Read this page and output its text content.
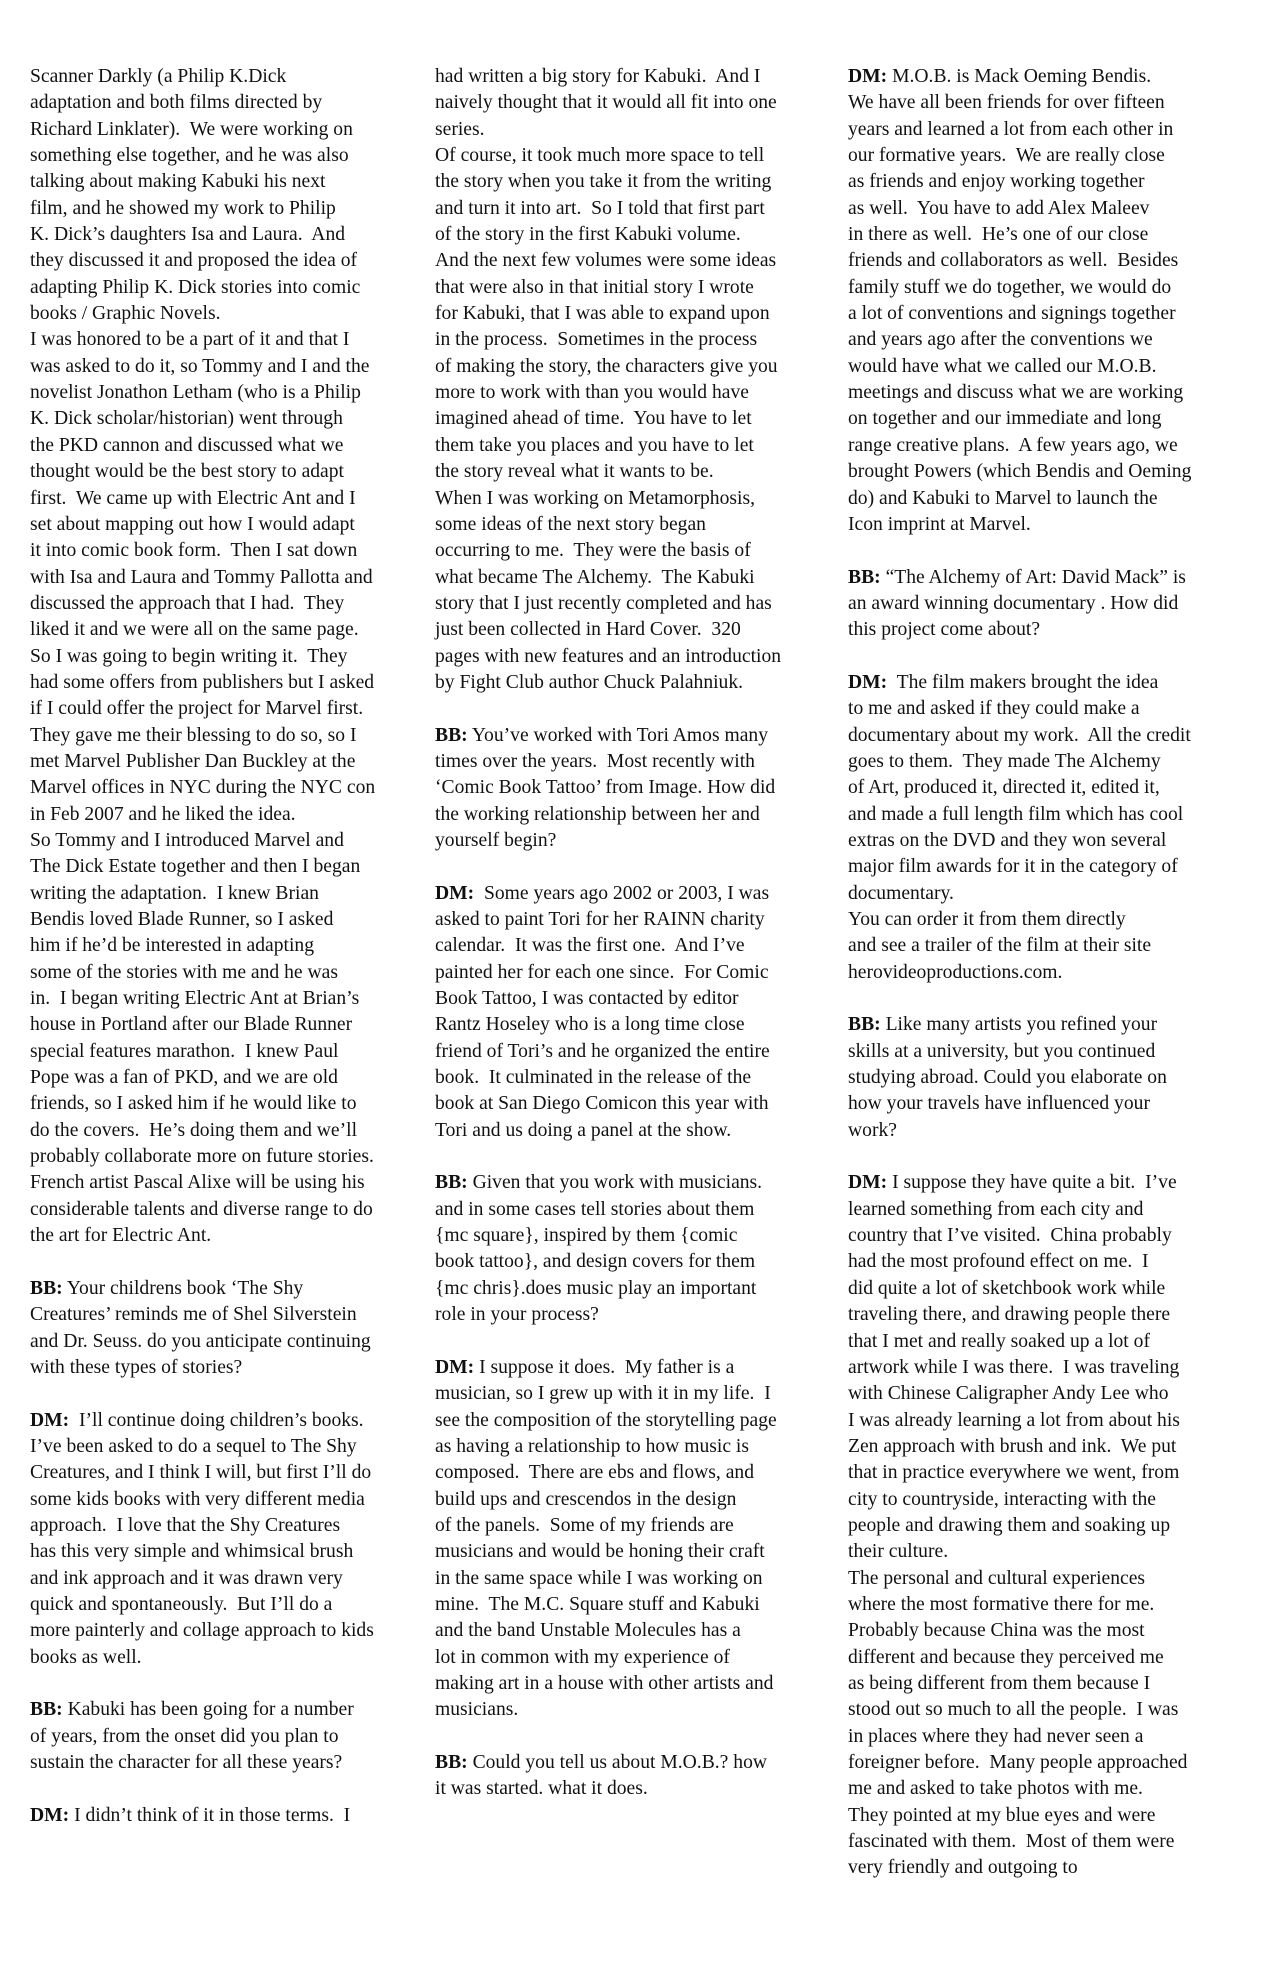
Scanner Darkly (a Philip K.Dick
adaptation and both films directed by
Richard Linklater).  We were working on
something else together, and he was also
talking about making Kabuki his next
film, and he showed my work to Philip
K. Dick’s daughters Isa and Laura.  And
they discussed it and proposed the idea of
adapting Philip K. Dick stories into comic
books / Graphic Novels.
I was honored to be a part of it and that I
was asked to do it, so Tommy and I and the
novelist Jonathon Letham (who is a Philip
K. Dick scholar/historian) went through
the PKD cannon and discussed what we
thought would be the best story to adapt
first.  We came up with Electric Ant and I
set about mapping out how I would adapt
it into comic book form.  Then I sat down
with Isa and Laura and Tommy Pallotta and
discussed the approach that I had.  They
liked it and we were all on the same page.
So I was going to begin writing it.  They
had some offers from publishers but I asked
if I could offer the project for Marvel first.
They gave me their blessing to do so, so I
met Marvel Publisher Dan Buckley at the
Marvel offices in NYC during the NYC con
in Feb 2007 and he liked the idea.
So Tommy and I introduced Marvel and
The Dick Estate together and then I began
writing the adaptation.  I knew Brian
Bendis loved Blade Runner, so I asked
him if he’d be interested in adapting
some of the stories with me and he was
in.  I began writing Electric Ant at Brian’s
house in Portland after our Blade Runner
special features marathon.  I knew Paul
Pope was a fan of PKD, and we are old
friends, so I asked him if he would like to
do the covers.  He’s doing them and we’ll
probably collaborate more on future stories.
French artist Pascal Alixe will be using his
considerable talents and diverse range to do
the art for Electric Ant.
BB: Your childrens book ‘The Shy
Creatures’ reminds me of Shel Silverstein
and Dr. Seuss. do you anticipate continuing
with these types of stories?
DM:  I’ll continue doing children’s books.
I’ve been asked to do a sequel to The Shy
Creatures, and I think I will, but first I’ll do
some kids books with very different media
approach.  I love that the Shy Creatures
has this very simple and whimsical brush
and ink approach and it was drawn very
quick and spontaneously.  But I’ll do a
more painterly and collage approach to kids
books as well.
BB: Kabuki has been going for a number
of years, from the onset did you plan to
sustain the character for all these years?
DM: I didn’t think of it in those terms.  I
had written a big story for Kabuki.  And I
naively thought that it would all fit into one
series.
Of course, it took much more space to tell
the story when you take it from the writing
and turn it into art.  So I told that first part
of the story in the first Kabuki volume.
And the next few volumes were some ideas
that were also in that initial story I wrote
for Kabuki, that I was able to expand upon
in the process.  Sometimes in the process
of making the story, the characters give you
more to work with than you would have
imagined ahead of time.  You have to let
them take you places and you have to let
the story reveal what it wants to be.
When I was working on Metamorphosis,
some ideas of the next story began
occurring to me.  They were the basis of
what became The Alchemy.  The Kabuki
story that I just recently completed and has
just been collected in Hard Cover.  320
pages with new features and an introduction
by Fight Club author Chuck Palahniuk.
BB: You’ve worked with Tori Amos many
times over the years.  Most recently with
‘Comic Book Tattoo’ from Image. How did
the working relationship between her and
yourself begin?
DM:  Some years ago 2002 or 2003, I was
asked to paint Tori for her RAINN charity
calendar.  It was the first one.  And I’ve
painted her for each one since.  For Comic
Book Tattoo, I was contacted by editor
Rantz Hoseley who is a long time close
friend of Tori’s and he organized the entire
book.  It culminated in the release of the
book at San Diego Comicon this year with
Tori and us doing a panel at the show.
BB: Given that you work with musicians.
and in some cases tell stories about them
{mc square}, inspired by them {comic
book tattoo}, and design covers for them
{mc chris}.does music play an important
role in your process?
DM: I suppose it does.  My father is a
musician, so I grew up with it in my life.  I
see the composition of the storytelling page
as having a relationship to how music is
composed.  There are ebs and flows, and
build ups and crescendos in the design
of the panels.  Some of my friends are
musicians and would be honing their craft
in the same space while I was working on
mine.  The M.C. Square stuff and Kabuki
and the band Unstable Molecules has a
lot in common with my experience of
making art in a house with other artists and
musicians.
BB: Could you tell us about M.O.B.? how
it was started. what it does.
DM: M.O.B. is Mack Oeming Bendis.
We have all been friends for over fifteen
years and learned a lot from each other in
our formative years.  We are really close
as friends and enjoy working together
as well.  You have to add Alex Maleev
in there as well.  He’s one of our close
friends and collaborators as well.  Besides
family stuff we do together, we would do
a lot of conventions and signings together
and years ago after the conventions we
would have what we called our M.O.B.
meetings and discuss what we are working
on together and our immediate and long
range creative plans.  A few years ago, we
brought Powers (which Bendis and Oeming
do) and Kabuki to Marvel to launch the
Icon imprint at Marvel.
BB: “The Alchemy of Art: David Mack” is
an award winning documentary . How did
this project come about?
DM:  The film makers brought the idea
to me and asked if they could make a
documentary about my work.  All the credit
goes to them.  They made The Alchemy
of Art, produced it, directed it, edited it,
and made a full length film which has cool
extras on the DVD and they won several
major film awards for it in the category of
documentary.
You can order it from them directly
and see a trailer of the film at their site
herovideoproductions.com.
BB: Like many artists you refined your
skills at a university, but you continued
studying abroad. Could you elaborate on
how your travels have influenced your
work?
DM: I suppose they have quite a bit.  I’ve
learned something from each city and
country that I’ve visited.  China probably
had the most profound effect on me.  I
did quite a lot of sketchbook work while
traveling there, and drawing people there
that I met and really soaked up a lot of
artwork while I was there.  I was traveling
with Chinese Caligrapher Andy Lee who
I was already learning a lot from about his
Zen approach with brush and ink.  We put
that in practice everywhere we went, from
city to countryside, interacting with the
people and drawing them and soaking up
their culture.
The personal and cultural experiences
where the most formative there for me.
Probably because China was the most
different and because they perceived me
as being different from them because I
stood out so much to all the people.  I was
in places where they had never seen a
foreigner before.  Many people approached
me and asked to take photos with me.
They pointed at my blue eyes and were
fascinated with them.  Most of them were
very friendly and outgoing to
